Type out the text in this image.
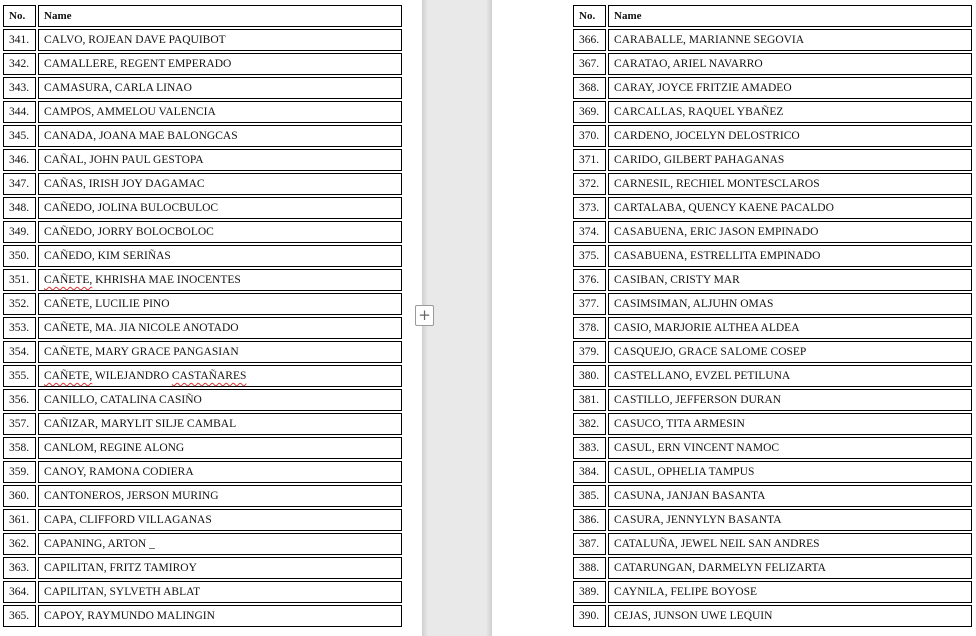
No.	Name
341.	CALVO, ROJEAN DAVE PAQUIBOT
342.	CAMALLERE, REGENT EMPERADO
343.	CAMASURA, CARLA LINAO
344.	CAMPOS, AMMELOU VALENCIA
345.	CANADA, JOANA MAE BALONGCAS
346.	CAÑAL, JOHN PAUL GESTOPA
347.	CAÑAS, IRISH JOY DAGAMAC
348.	CAÑEDO, JOLINA BULOCBULOC
349.	CAÑEDO, JORRY BOLOCBOLOC
350.	CAÑEDO, KIM SERIÑAS
351.	CAÑETE, KHRISHA MAE INOCENTES
352.	CAÑETE, LUCILIE PINO
353.	CAÑETE, MA. JIA NICOLE ANOTADO
354.	CAÑETE, MARY GRACE PANGASIAN
355.	CAÑETE, WILEJANDRO CASTAÑARES
356.	CANILLO, CATALINA CASIÑO
357.	CAÑIZAR, MARYLIT SILJE CAMBAL
358.	CANLOM, REGINE ALONG
359.	CANOY, RAMONA CODIERA
360.	CANTONEROS, JERSON MURING
361.	CAPA, CLIFFORD VILLAGANAS
362.	CAPANING, ARTON _
363.	CAPILITAN, FRITZ TAMIROY
364.	CAPILITAN, SYLVETH ABLAT
365.	CAPOY, RAYMUNDO MALINGIN
No.	Name
366.	CARABALLE, MARIANNE SEGOVIA
367.	CARATAO, ARIEL NAVARRO
368.	CARAY, JOYCE FRITZIE AMADEO
369.	CARCALLAS, RAQUEL YBAÑEZ
370.	CARDENO, JOCELYN DELOSTRICO
371.	CARIDO, GILBERT PAHAGANAS
372.	CARNESIL, RECHIEL MONTESCLAROS
373.	CARTALABA, QUENCY KAENE PACALDO
374.	CASABUENA, ERIC JASON EMPINADO
375.	CASABUENA, ESTRELLITA EMPINADO
376.	CASIBAN, CRISTY MAR
377.	CASIMSIMAN, ALJUHN OMAS
378.	CASIO, MARJORIE ALTHEA ALDEA
379.	CASQUEJO, GRACE SALOME COSEP
380.	CASTELLANO, EVZEL PETILUNA
381.	CASTILLO, JEFFERSON DURAN
382.	CASUCO, TITA ARMESIN
383.	CASUL, ERN VINCENT NAMOC
384.	CASUL, OPHELIA TAMPUS
385.	CASUNA, JANJAN BASANTA
386.	CASURA, JENNYLYN BASANTA
387.	CATALUÑA, JEWEL NEIL SAN ANDRES
388.	CATARUNGAN, DARMELYN FELIZARTA
389.	CAYNILA, FELIPE BOYOSE
390.	CEJAS, JUNSON UWE LEQUIN
+
